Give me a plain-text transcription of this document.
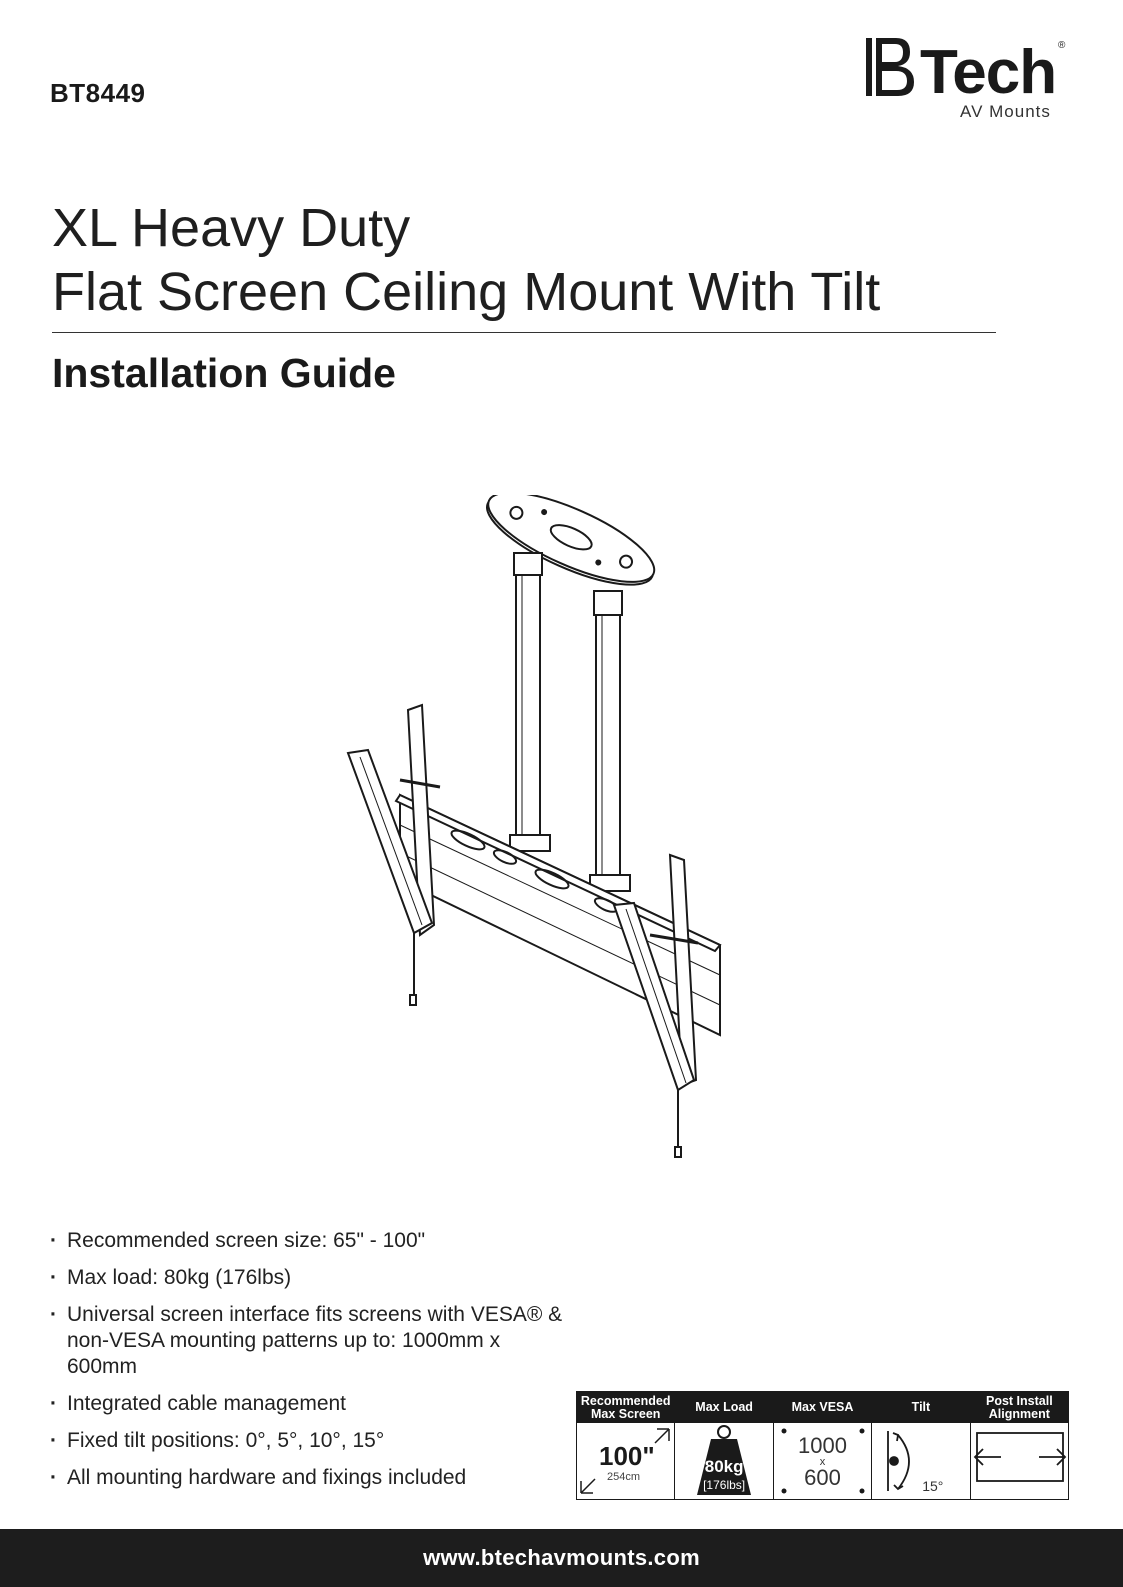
BT8449	Tech ®
AV Mounts
XL Heavy Duty
Flat Screen Ceiling Mount With Tilt
Installation Guide
· Recommended screen size: 65" - 100"
· Max load: 80kg (176lbs)
· Universal screen interface fits screens with VESA® & non-VESA mounting patterns up to: 1000mm x 600mm
· Integrated cable management
· Fixed tilt positions: 0°, 5°, 10°, 15°
· All mounting hardware and fixings included
Recommended Max Screen
100"
254cm
Max Load
80kg
[176lbs]
Max VESA
1000
x
600
Tilt
15°
Post Install Alignment
www.btechavmounts.com
